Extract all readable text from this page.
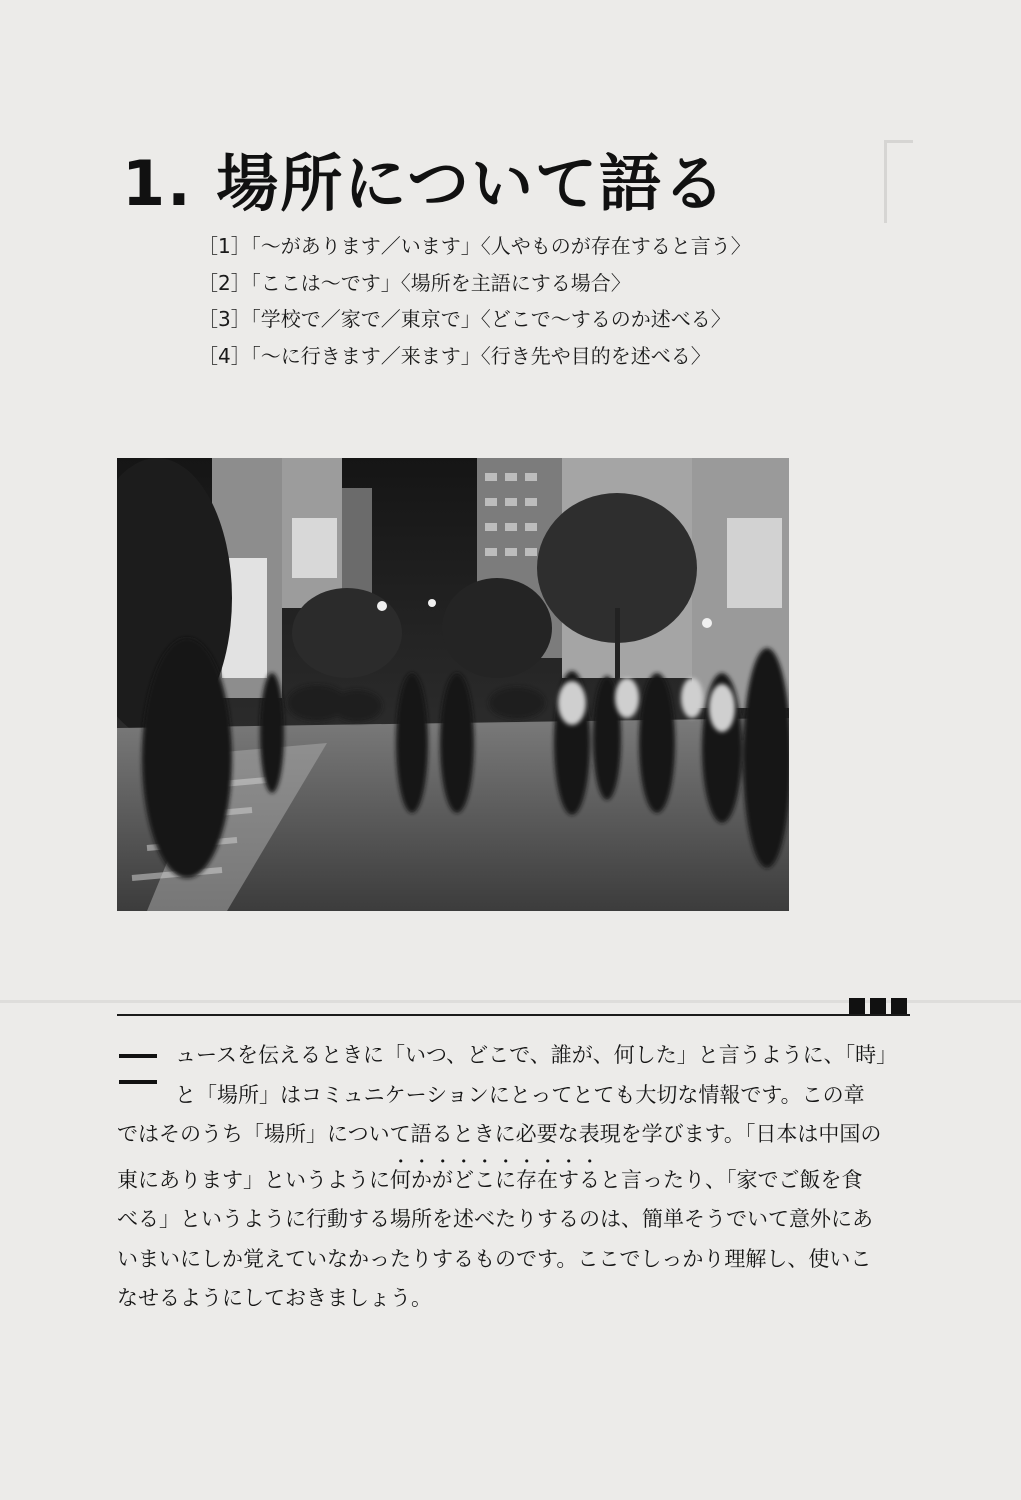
1. 場所について語る
［1］「～があります／います」〈人やものが存在すると言う〉
［2］「ここは～です」〈場所を主語にする場合〉
［3］「学校で／家で／東京で」〈どこで～するのか述べる〉
［4］「～に行きます／来ます」〈行き先や目的を述べる〉

ュースを伝えるときに「いつ、どこで、誰が、何した」と言うように、「時」
と「場所」はコミュニケーションにとってとても大切な情報です。この章
ではそのうち「場所」について語るときに必要な表現を学びます。「日本は中国の
東にあります」というように何かがどこに存在すると言ったり、「家でご飯を食
べる」というように行動する場所を述べたりするのは、簡単そうでいて意外にあ
いまいにしか覚えていなかったりするものです。ここでしっかり理解し、使いこ
なせるようにしておきましょう。
